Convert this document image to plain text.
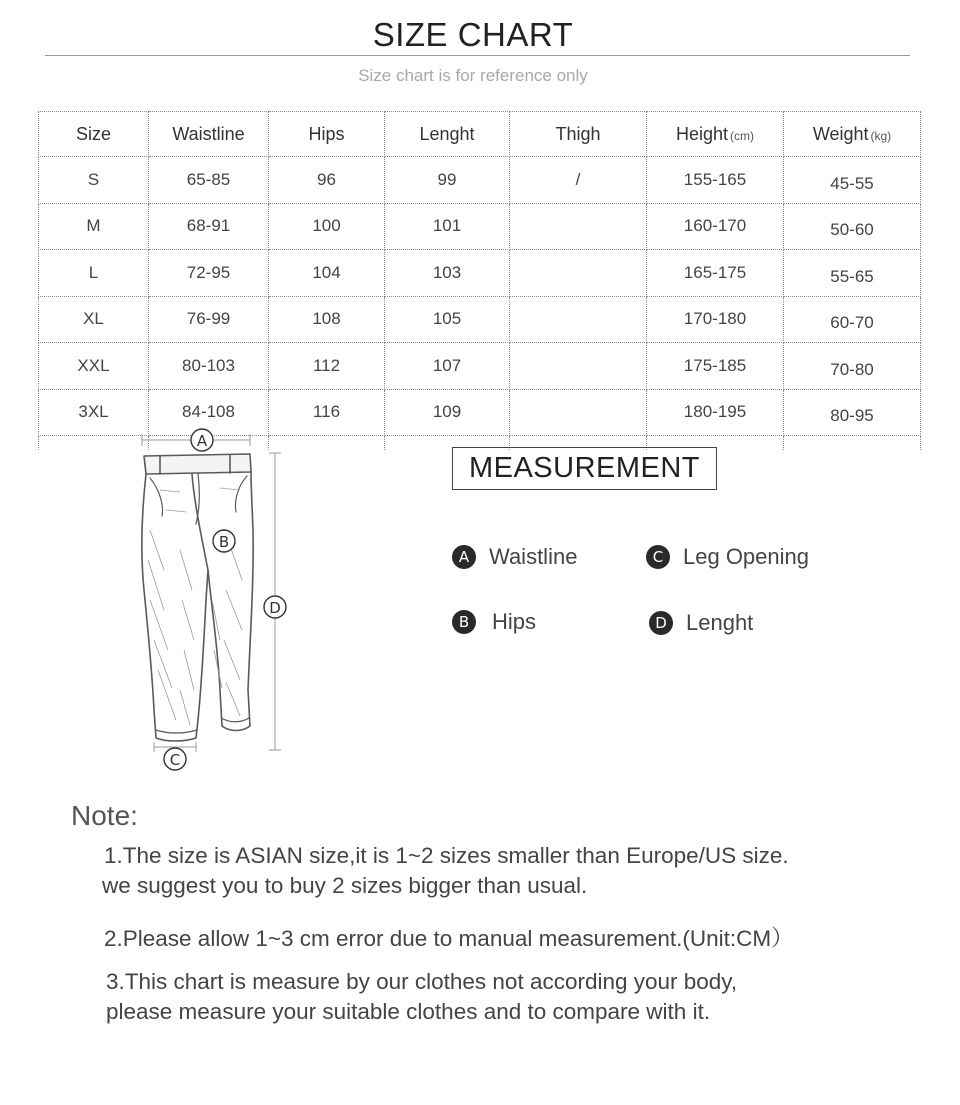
SIZE CHART
Size chart is for reference only
Size	Waistline	Hips	Lenght	Thigh	Height (cm)	Weight (kg)
S	65-85	96	99	/	155-165	45-55
M	68-91	100	101		160-170	50-60
L	72-95	104	103		165-175	55-65
XL	76-99	108	105		170-180	60-70
XXL	80-103	112	107		175-185	70-80
3XL	84-108	116	109		180-195	80-95

A
B
D
C
MEASUREMENT
A Waistline	C Leg Opening
B	Hips	D Lenght
Note:
1.The size is ASIAN size,it is 1~2 sizes smaller than Europe/US size.
we suggest you to buy 2 sizes bigger than usual.
2.Please allow 1~3 cm error due to manual measurement.(Unit:CM）
3.This chart is measure by our clothes not according your body,
please measure your suitable clothes and to compare with it.
